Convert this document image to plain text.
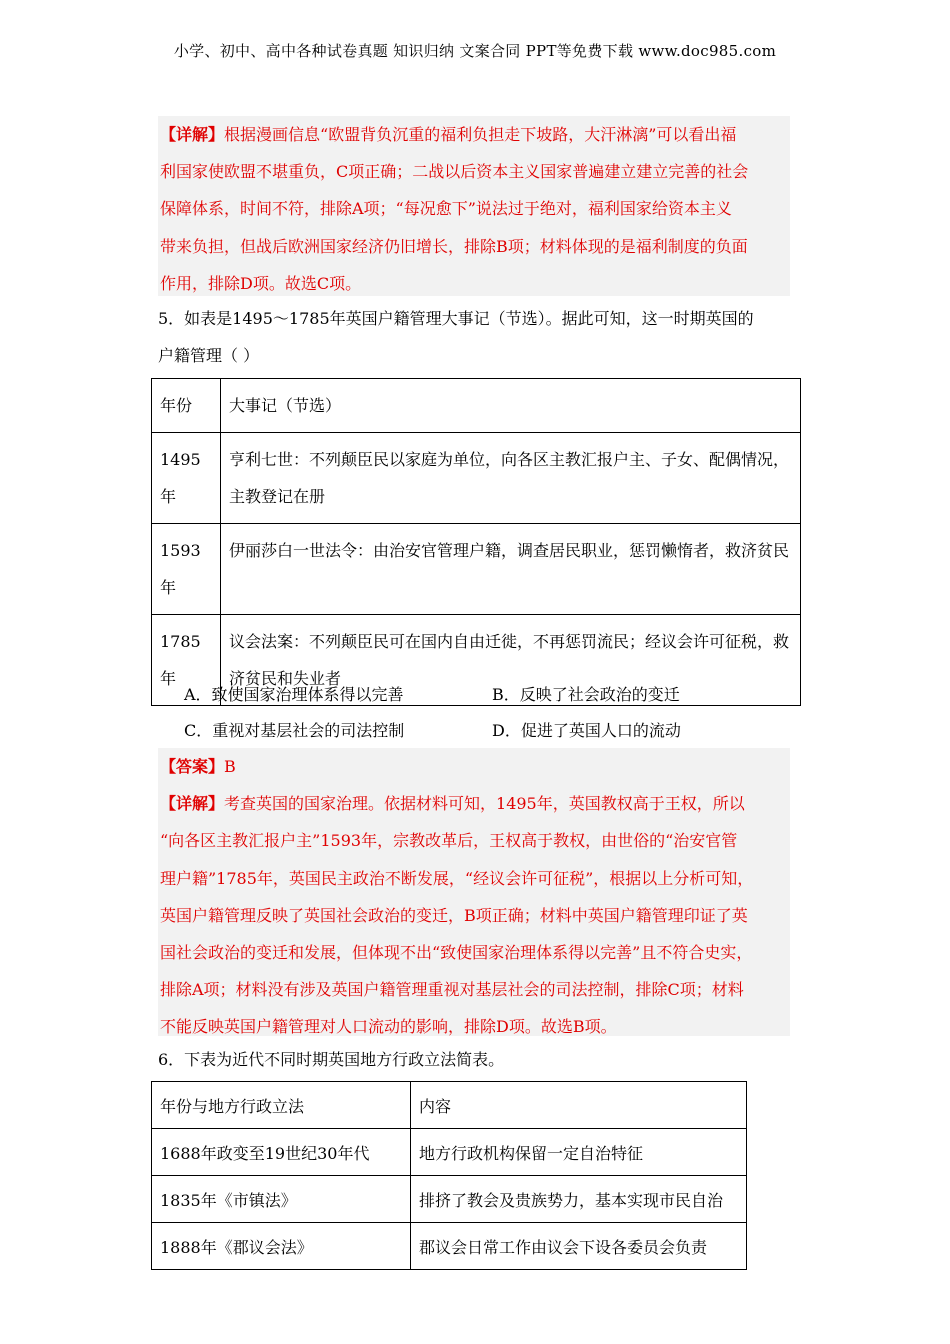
小学、初中、高中各种试卷真题 知识归纳 文案合同 PPT等免费下载 www.doc985.com
【详解】根据漫画信息“欧盟背负沉重的福利负担走下坡路，大汗淋漓”可以看出福
利国家使欧盟不堪重负，C项正确；二战以后资本主义国家普遍建立建立完善的社会
保障体系，时间不符，排除A项；“每况愈下”说法过于绝对，福利国家给资本主义
带来负担，但战后欧洲国家经济仍旧增长，排除B项；材料体现的是福利制度的负面
作用，排除D项。故选C项。
5．如表是1495～1785年英国户籍管理大事记（节选）。据此可知，这一时期英国的
户籍管理（ ）
年份	大事记（节选）
1495年	亨利七世：不列颠臣民以家庭为单位，向各区主教汇报户主、子女、配偶情况，主教登记在册
1593年	伊丽莎白一世法令：由治安官管理户籍，调查居民职业，惩罚懒惰者，救济贫民
1785年	议会法案：不列颠臣民可在国内自由迁徙，不再惩罚流民；经议会许可征税，救济贫民和失业者
A．致使国家治理体系得以完善	B．反映了社会政治的变迁
C．重视对基层社会的司法控制	D．促进了英国人口的流动
【答案】B
【详解】考查英国的国家治理。依据材料可知，1495年，英国教权高于王权，所以
“向各区主教汇报户主”1593年，宗教改革后，王权高于教权，由世俗的“治安官管
理户籍”1785年，英国民主政治不断发展，“经议会许可征税”，根据以上分析可知，
英国户籍管理反映了英国社会政治的变迁，B项正确；材料中英国户籍管理印证了英
国社会政治的变迁和发展，但体现不出“致使国家治理体系得以完善”且不符合史实，
排除A项；材料没有涉及英国户籍管理重视对基层社会的司法控制，排除C项；材料
不能反映英国户籍管理对人口流动的影响，排除D项。故选B项。
6．下表为近代不同时期英国地方行政立法简表。
年份与地方行政立法	内容
1688年政变至19世纪30年代	地方行政机构保留一定自治特征
1835年《市镇法》	排挤了教会及贵族势力，基本实现市民自治
1888年《郡议会法》	郡议会日常工作由议会下设各委员会负责
